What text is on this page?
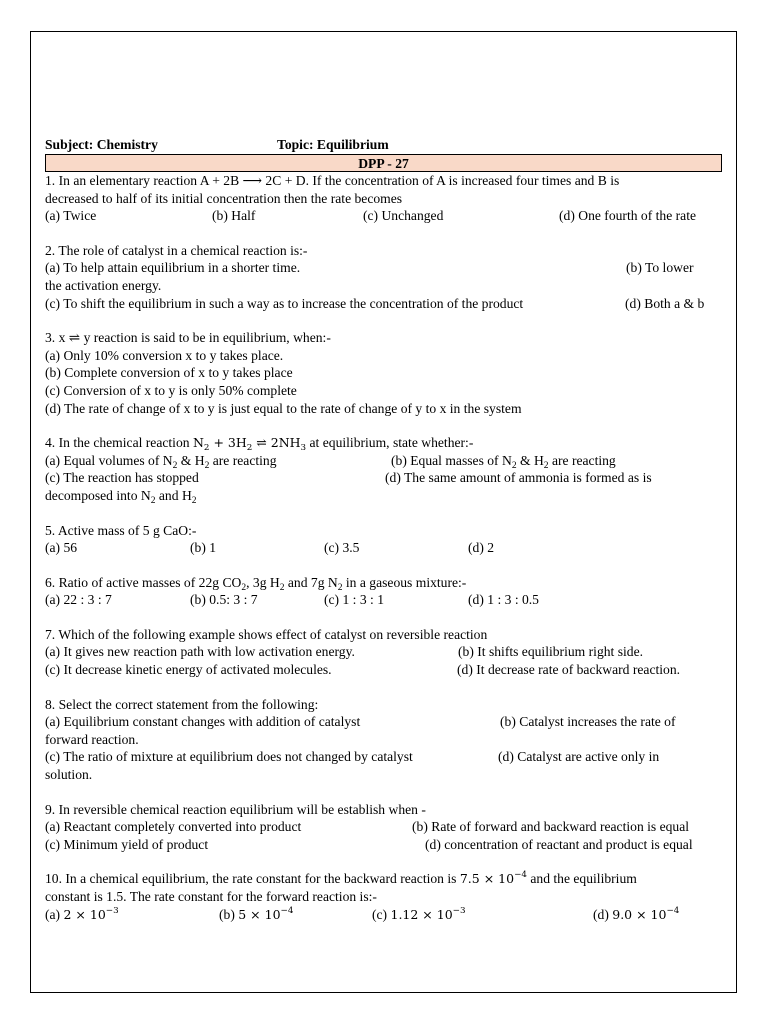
Subject: Chemistry	Topic: Equilibrium
DPP - 27
1. In an elementary reaction A + 2B ⟶ 2C + D. If the concentration of A is increased four times and B is
decreased to half of its initial concentration then the rate becomes
(a) Twice	(b) Half	(c) Unchanged	(d) One fourth of the rate
2. The role of catalyst in a chemical reaction is:-
(a) To help attain equilibrium in a shorter time.	(b) To lower
the activation energy.
(c) To shift the equilibrium in such a way as to increase the concentration of the product	(d) Both a & b
3. x ⇌ y reaction is said to be in equilibrium, when:-
(a) Only 10% conversion x to y takes place.
(b) Complete conversion of x to y takes place
(c) Conversion of x to y is only 50% complete
(d) The rate of change of x to y is just equal to the rate of change of y to x in the system
4. In the chemical reaction $N_2 + 3H_2$ ⇌ $2NH_3$ at equilibrium, state whether:-
(a) Equal volumes of $N_2$ & $H_2$ are reacting	(b) Equal masses of $N_2$ & $H_2$ are reacting
(c) The reaction has stopped	(d) The same amount of ammonia is formed as is
decomposed into $N_2$ and $H_2$
5. Active mass of 5 g CaO:-
(a) 56	(b) 1	(c) 3.5	(d) 2
6. Ratio of active masses of 22g $CO_2$, 3g $H_2$ and 7g $N_2$ in a gaseous mixture:-
(a) 22 : 3 : 7	(b) 0.5: 3 : 7	(c) 1 : 3 : 1	(d) 1 : 3 : 0.5
7. Which of the following example shows effect of catalyst on reversible reaction
(a) It gives new reaction path with low activation energy.	(b) It shifts equilibrium right side.
(c) It decrease kinetic energy of activated molecules.	(d) It decrease rate of backward reaction.
8. Select the correct statement from the following:
(a) Equilibrium constant changes with addition of catalyst	(b) Catalyst increases the rate of
forward reaction.
(c) The ratio of mixture at equilibrium does not changed by catalyst	(d) Catalyst are active only in
solution.
9. In reversible chemical reaction equilibrium will be establish when -
(a) Reactant completely converted into product	(b) Rate of forward and backward reaction is equal
(c) Minimum yield of product	(d) concentration of reactant and product is equal
10. In a chemical equilibrium, the rate constant for the backward reaction is $7.5 \times 10^{-4}$ and the equilibrium
constant is 1.5. The rate constant for the forward reaction is:-
(a) $2 \times 10^{-3}$	(b) $5 \times 10^{-4}$	(c) $1.12 \times 10^{-3}$	(d) $9.0 \times 10^{-4}$
